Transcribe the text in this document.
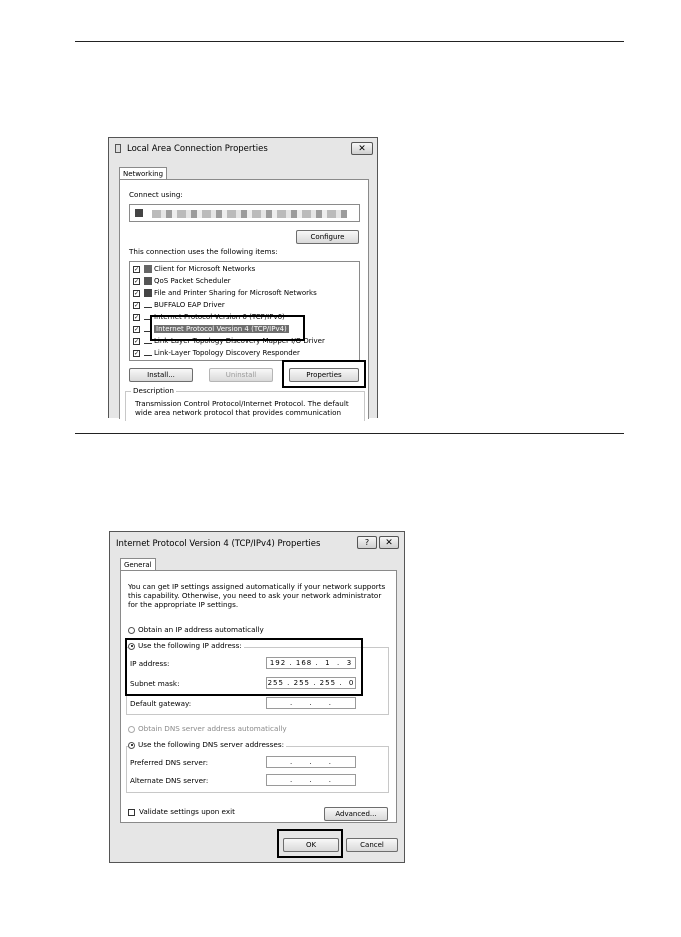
Local Area Connection Properties	✕
Networking
Connect using:
Configure
This connection uses the following items:
✓ Client for Microsoft Networks
✓ QoS Packet Scheduler
✓ File and Printer Sharing for Microsoft Networks
✓ BUFFALO EAP Driver
✓ Internet Protocol Version 6 (TCP/IPv6)
✓ Internet Protocol Version 4 (TCP/IPv4)
✓ Link-Layer Topology Discovery Mapper I/O Driver
✓ Link-Layer Topology Discovery Responder
Install...	Uninstall	Properties
Description
Transmission Control Protocol/Internet Protocol. The default
wide area network protocol that provides communication
Internet Protocol Version 4 (TCP/IPv4) Properties	?	✕
General
You can get IP settings assigned automatically if your network supports
this capability. Otherwise, you need to ask your network administrator
for the appropriate IP settings.
Obtain an IP address automatically
Use the following IP address:
IP address:	192 . 168 .  1  .  3
Subnet mask:	255 . 255 . 255 .  0
Default gateway:	.     .     .
Obtain DNS server address automatically
Use the following DNS server addresses:
Preferred DNS server:	.     .     .
Alternate DNS server:	.     .     .
Validate settings upon exit	Advanced...
OK	Cancel
